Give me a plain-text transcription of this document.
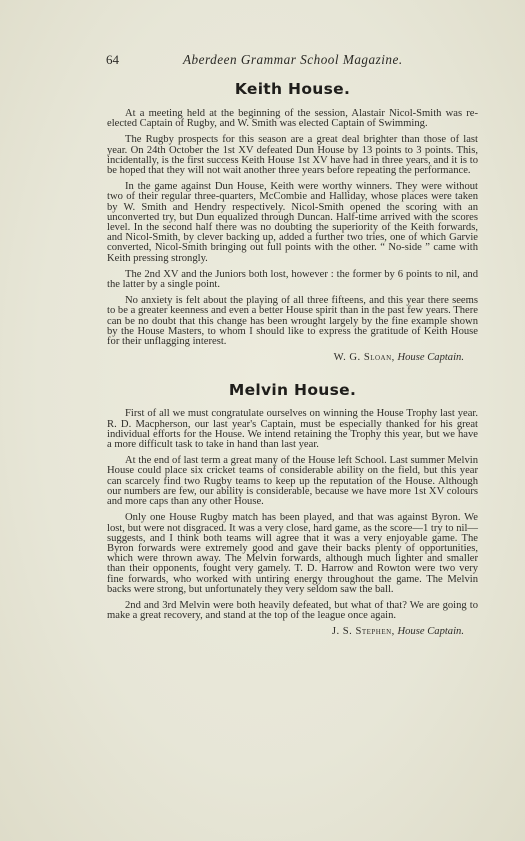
64	Aberdeen Grammar School Magazine.
Keith House.

At a meeting held at the beginning of the session, Alastair Nicol-Smith was re-elected Captain of Rugby, and W. Smith was elected Captain of Swimming.

The Rugby prospects for this season are a great deal brighter than those of last year. On 24th October the 1st XV defeated Dun House by 13 points to 3 points. This, incidentally, is the first success Keith House 1st XV have had in three years, and it is to be hoped that they will not wait another three years before repeating the performance.

In the game against Dun House, Keith were worthy winners. They were without two of their regular three-quarters, McCombie and Halliday, whose places were taken by W. Smith and Hendry respectively. Nicol-Smith opened the scoring with an unconverted try, but Dun equalized through Duncan. Half-time arrived with the scores level. In the second half there was no doubting the superiority of the Keith forwards, and Nicol-Smith, by clever backing up, added a further two tries, one of which Garvie converted, Nicol-Smith bringing out full points with the other. “ No-side ” came with Keith pressing strongly.

The 2nd XV and the Juniors both lost, however : the former by 6 points to nil, and the latter by a single point.

No anxiety is felt about the playing of all three fifteens, and this year there seems to be a greater keenness and even a better House spirit than in the past few years. There can be no doubt that this change has been wrought largely by the fine example shown by the House Masters, to whom I should like to express the gratitude of Keith House for their unflagging interest.

W. G. Sloan, House Captain.
Melvin House.

First of all we must congratulate ourselves on winning the House Trophy last year. R. D. Macpherson, our last year's Captain, must be especially thanked for his great individual efforts for the House. We intend retaining the Trophy this year, but we have a more difficult task to take in hand than last year.

At the end of last term a great many of the House left School. Last summer Melvin House could place six cricket teams of considerable ability on the field, but this year can scarcely find two Rugby teams to keep up the reputation of the House. Although our numbers are few, our ability is considerable, because we have more 1st XV colours and more caps than any other House.

Only one House Rugby match has been played, and that was against Byron. We lost, but were not disgraced. It was a very close, hard game, as the score—1 try to nil—suggests, and I think both teams will agree that it was a very enjoyable game. The Byron forwards were extremely good and gave their backs plenty of opportunities, which were thrown away. The Melvin forwards, although much lighter and smaller than their opponents, fought very gamely. T. D. Harrow and Rowton were two very fine forwards, who worked with untiring energy throughout the game. The Melvin backs were strong, but unfortunately they very seldom saw the ball.

2nd and 3rd Melvin were both heavily defeated, but what of that? We are going to make a great recovery, and stand at the top of the league once again.

J. S. Stephen, House Captain.
